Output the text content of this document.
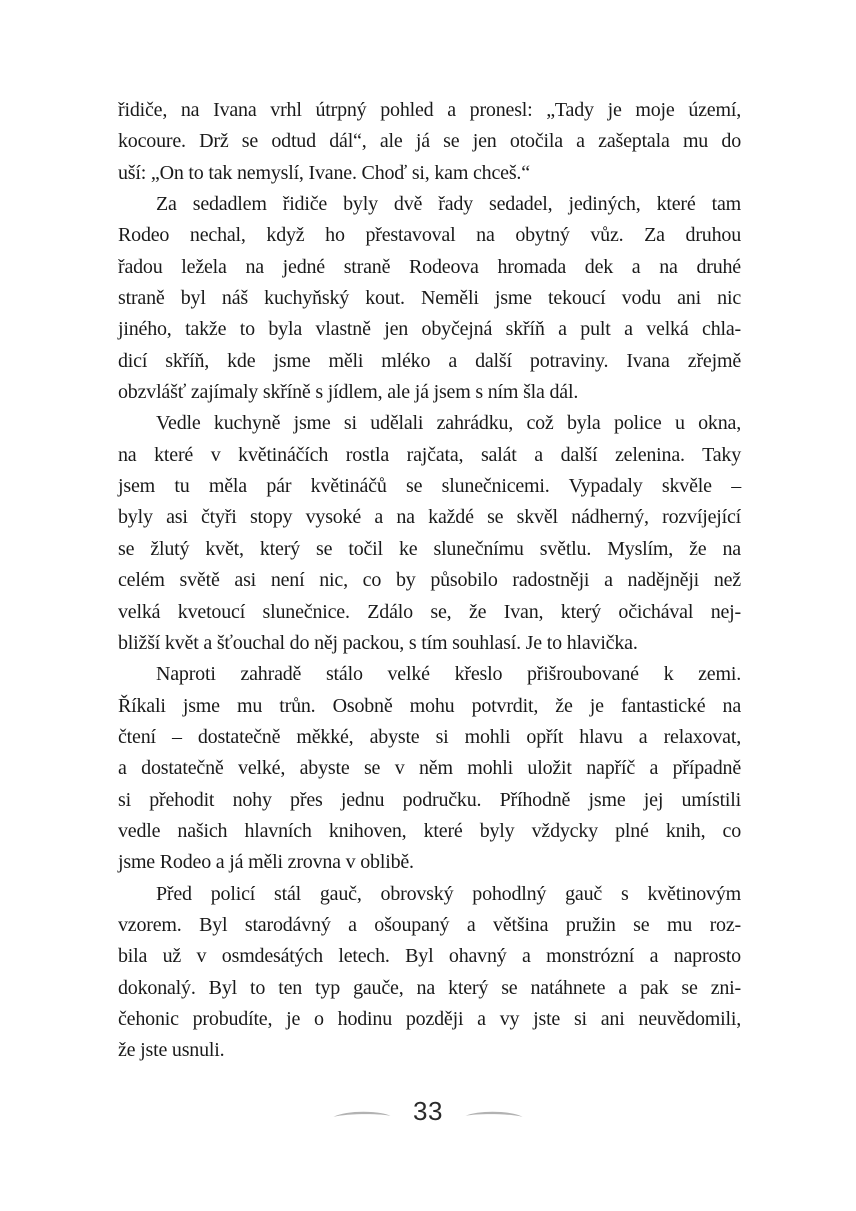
řidiče, na Ivana vrhl útrpný pohled a pronesl: „Tady je moje území,
kocoure. Drž se odtud dál“, ale já se jen otočila a zašeptala mu do
uší: „On to tak nemyslí, Ivane. Choď si, kam chceš.“
Za sedadlem řidiče byly dvě řady sedadel, jediných, které tam
Rodeo nechal, když ho přestavoval na obytný vůz. Za druhou
řadou ležela na jedné straně Rodeova hromada dek a na druhé
straně byl náš kuchyňský kout. Neměli jsme tekoucí vodu ani nic
jiného, takže to byla vlastně jen obyčejná skříň a pult a velká chla-
dicí skříň, kde jsme měli mléko a další potraviny. Ivana zřejmě
obzvlášť zajímaly skříně s jídlem, ale já jsem s ním šla dál.
Vedle kuchyně jsme si udělali zahrádku, což byla police u okna,
na které v květináčích rostla rajčata, salát a další zelenina. Taky
jsem tu měla pár květináčů se slunečnicemi. Vypadaly skvěle –
byly asi čtyři stopy vysoké a na každé se skvěl nádherný, rozvíjející
se žlutý květ, který se točil ke slunečnímu světlu. Myslím, že na
celém světě asi není nic, co by působilo radostněji a nadějněji než
velká kvetoucí slunečnice. Zdálo se, že Ivan, který očichával nej-
bližší květ a šťouchal do něj packou, s tím souhlasí. Je to hlavička.
Naproti zahradě stálo velké křeslo přišroubované k zemi.
Říkali jsme mu trůn. Osobně mohu potvrdit, že je fantastické na
čtení – dostatečně měkké, abyste si mohli opřít hlavu a relaxovat,
a dostatečně velké, abyste se v něm mohli uložit napříč a případně
si přehodit nohy přes jednu područku. Příhodně jsme jej umístili
vedle našich hlavních knihoven, které byly vždycky plné knih, co
jsme Rodeo a já měli zrovna v oblibě.
Před policí stál gauč, obrovský pohodlný gauč s květinovým
vzorem. Byl starodávný a ošoupaný a většina pružin se mu roz-
bila už v osmdesátých letech. Byl ohavný a monstrózní a naprosto
dokonalý. Byl to ten typ gauče, na který se natáhnete a pak se zni-
čehonic probudíte, je o hodinu později a vy jste si ani neuvědomili,
že jste usnuli.
33
